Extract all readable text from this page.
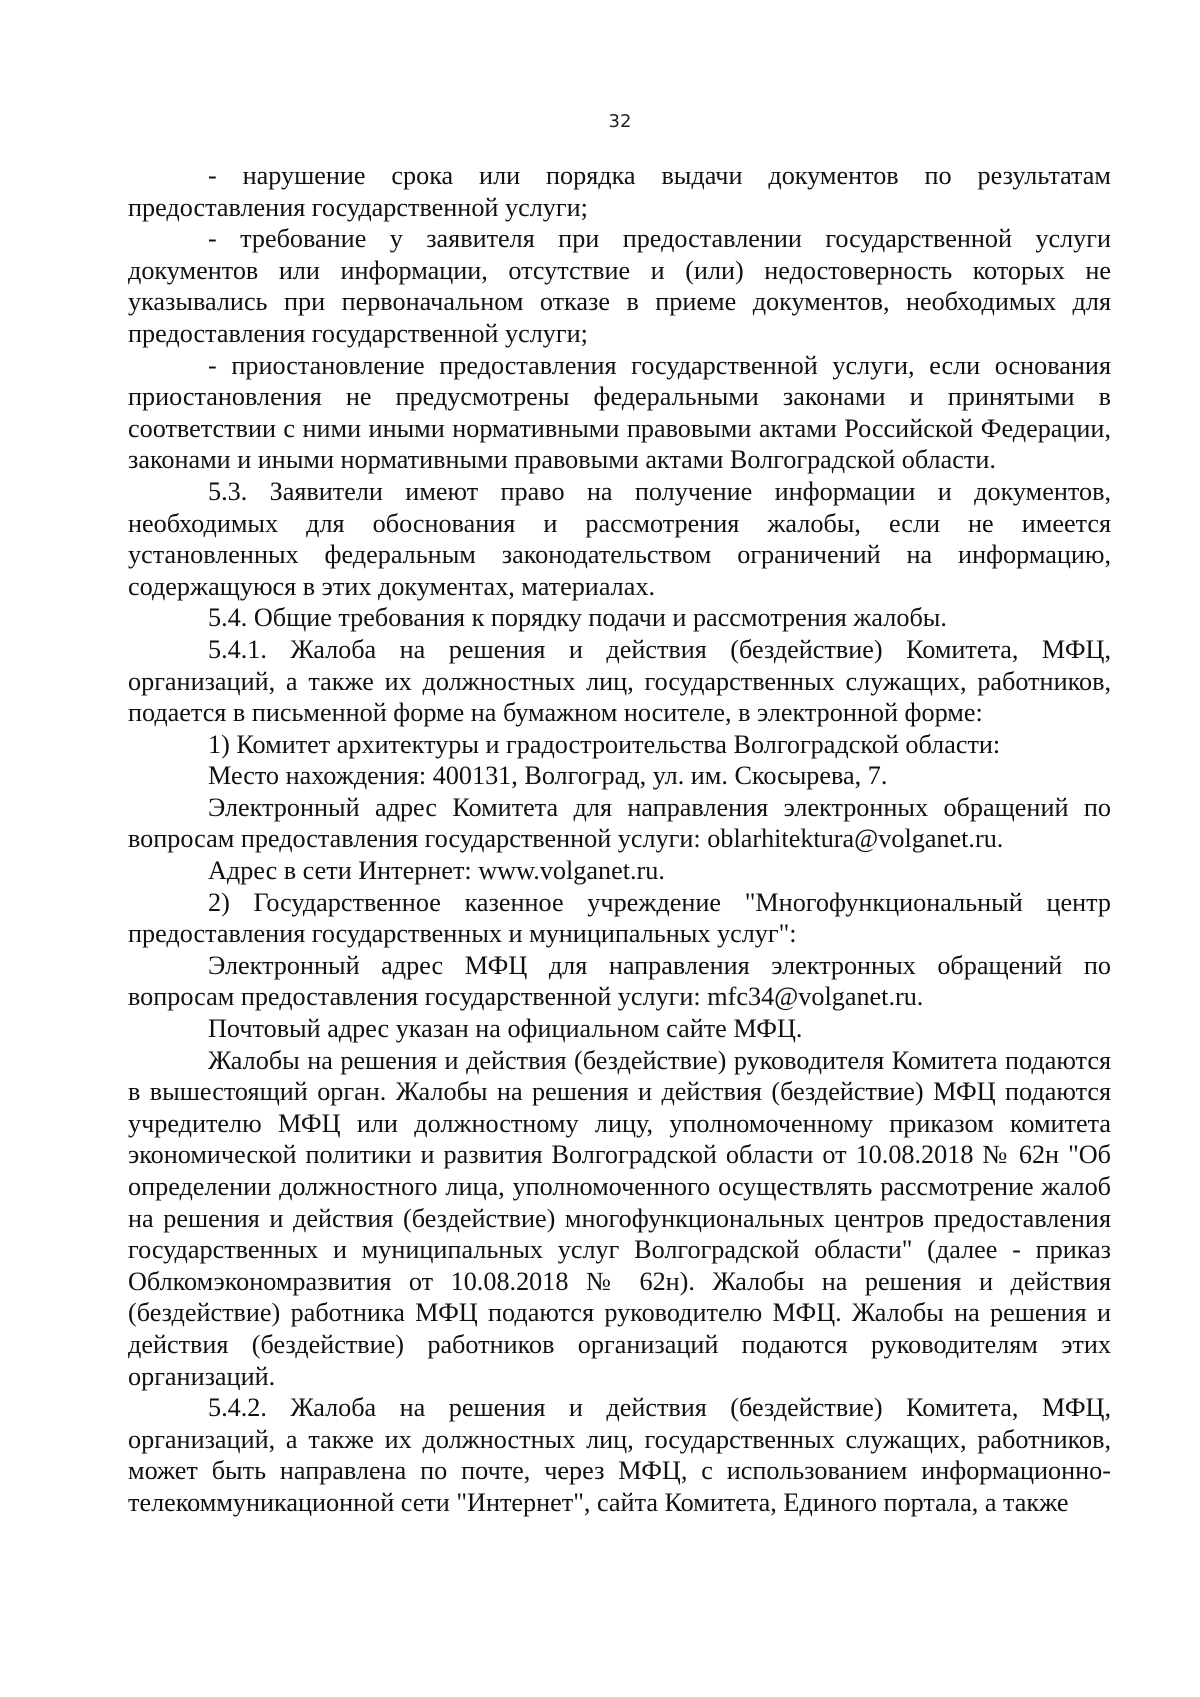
32

- нарушение срока или порядка выдачи документов по результатам предоставления государственной услуги;

- требование у заявителя при предоставлении государственной услуги документов или информации, отсутствие и (или) недостоверность которых не указывались при первоначальном отказе в приеме документов, необходимых для предоставления государственной услуги;

- приостановление предоставления государственной услуги, если основания приостановления не предусмотрены федеральными законами и принятыми в соответствии с ними иными нормативными правовыми актами Российской Федерации, законами и иными нормативными правовыми актами Волгоградской области.

5.3. Заявители имеют право на получение информации и документов, необходимых для обоснования и рассмотрения жалобы, если не имеется установленных федеральным законодательством ограничений на информацию, содержащуюся в этих документах, материалах.

5.4. Общие требования к порядку подачи и рассмотрения жалобы.

5.4.1. Жалоба на решения и действия (бездействие) Комитета, МФЦ, организаций, а также их должностных лиц, государственных служащих, работников, подается в письменной форме на бумажном носителе, в электронной форме:

1) Комитет архитектуры и градостроительства Волгоградской области:

Место нахождения: 400131, Волгоград, ул. им. Скосырева, 7.

Электронный адрес Комитета для направления электронных обращений по вопросам предоставления государственной услуги: oblarhitektura@volganet.ru.

Адрес в сети Интернет: www.volganet.ru.

2) Государственное казенное учреждение "Многофункциональный центр предоставления государственных и муниципальных услуг":

Электронный адрес МФЦ для направления электронных обращений по вопросам предоставления государственной услуги: mfc34@volganet.ru.

Почтовый адрес указан на официальном сайте МФЦ.

Жалобы на решения и действия (бездействие) руководителя Комитета подаются в вышестоящий орган. Жалобы на решения и действия (бездействие) МФЦ подаются учредителю МФЦ или должностному лицу, уполномоченному приказом комитета экономической политики и развития Волгоградской области от 10.08.2018 № 62н "Об определении должностного лица, уполномоченного осуществлять рассмотрение жалоб на решения и действия (бездействие) многофункциональных центров предоставления государственных и муниципальных услуг Волгоградской области" (далее - приказ Облкомэкономразвития от 10.08.2018 № 62н). Жалобы на решения и действия (бездействие) работника МФЦ подаются руководителю МФЦ. Жалобы на решения и действия (бездействие) работников организаций подаются руководителям этих организаций.

5.4.2. Жалоба на решения и действия (бездействие) Комитета, МФЦ, организаций, а также их должностных лиц, государственных служащих, работников, может быть направлена по почте, через МФЦ, с использованием информационно-телекоммуникационной сети "Интернет", сайта Комитета, Единого портала, а также
